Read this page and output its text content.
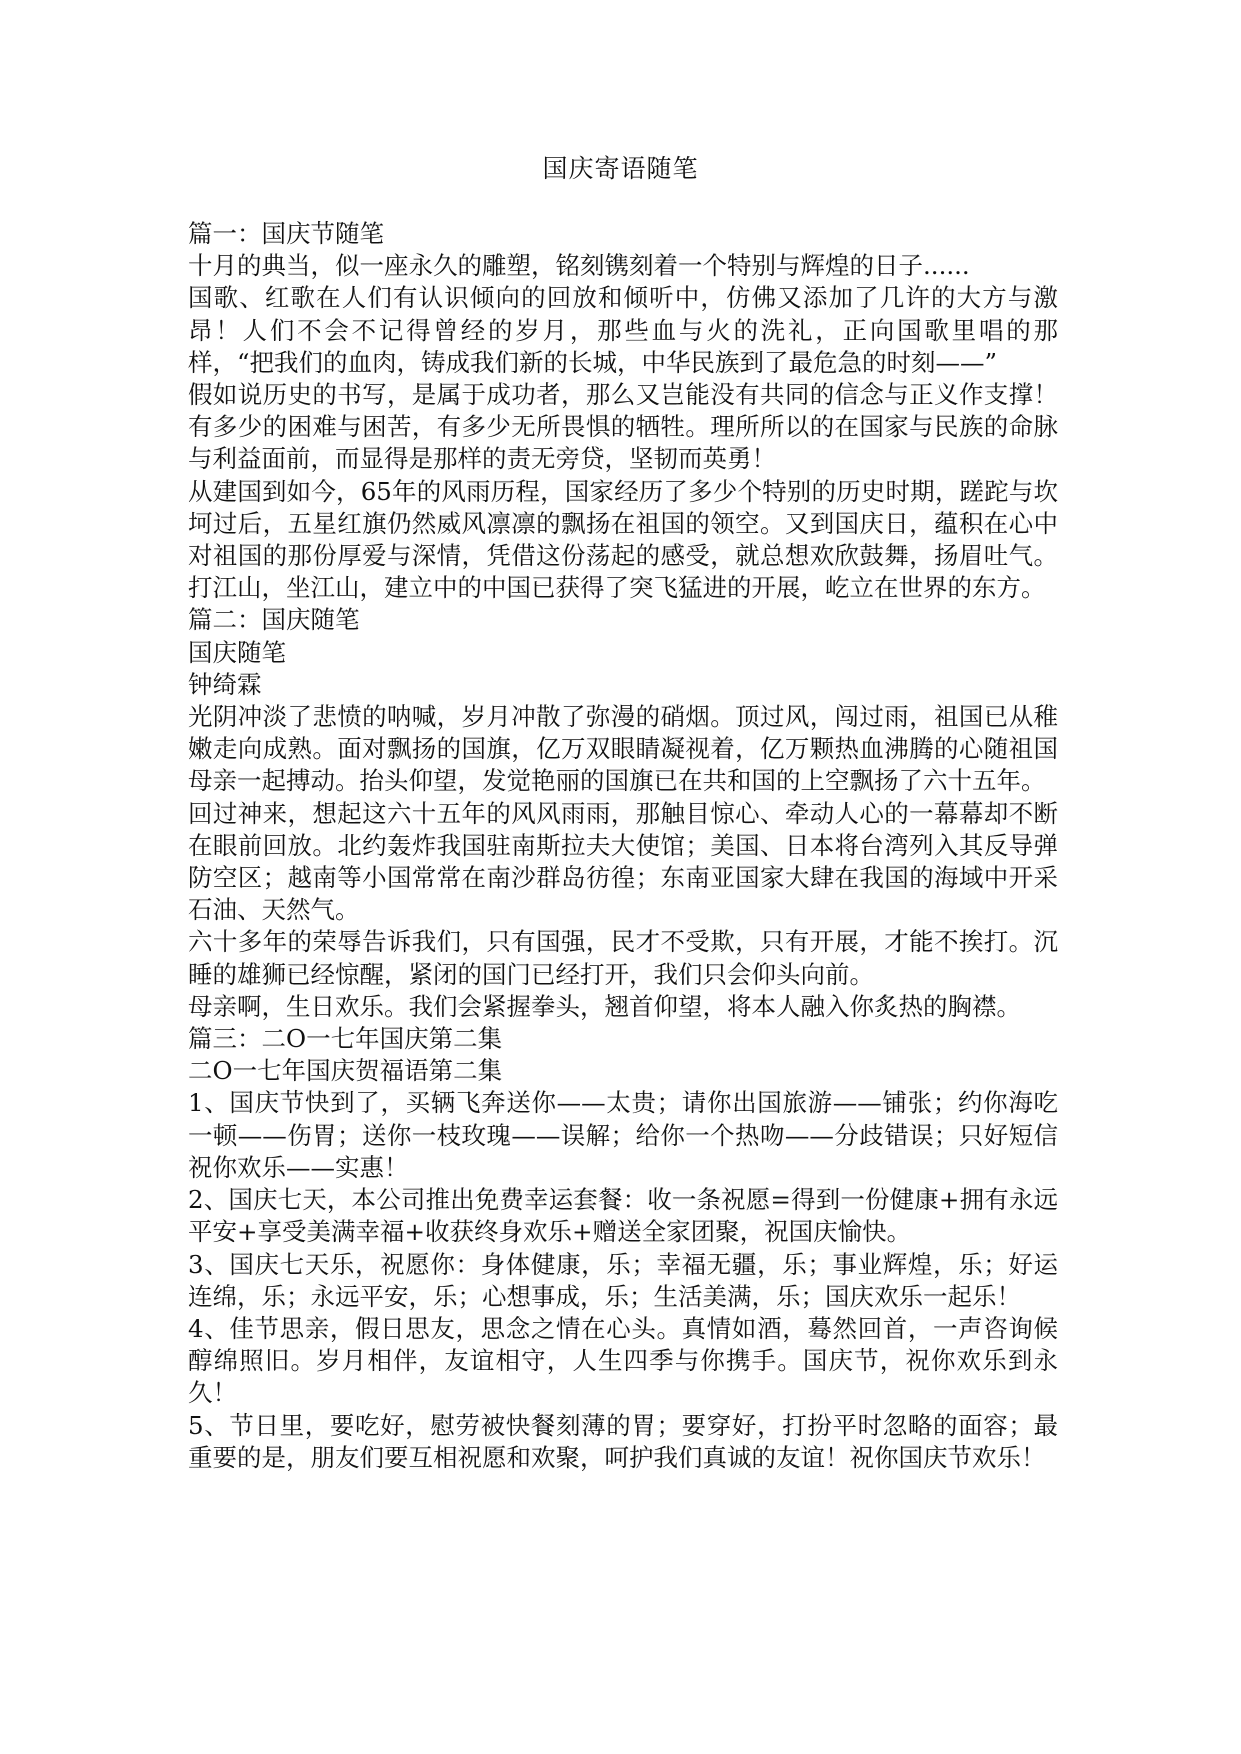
国庆寄语随笔

篇一：国庆节随笔

十月的典当，似一座永久的雕塑，铭刻镌刻着一个特别与辉煌的日子......

国歌、红歌在人们有认识倾向的回放和倾听中，仿佛又添加了几许的大方与激昂！人们不会不记得曾经的岁月，那些血与火的洗礼，正向国歌里唱的那样，“把我们的血肉，铸成我们新的长城，中华民族到了最危急的时刻——”

假如说历史的书写，是属于成功者，那么又岂能没有共同的信念与正义作支撑！有多少的困难与困苦，有多少无所畏惧的牺牲。理所所以的在国家与民族的命脉与利益面前，而显得是那样的责无旁贷，坚韧而英勇！

从建国到如今，65年的风雨历程，国家经历了多少个特别的历史时期，蹉跎与坎坷过后，五星红旗仍然威风凛凛的飘扬在祖国的领空。又到国庆日，蕴积在心中对祖国的那份厚爱与深情，凭借这份荡起的感受，就总想欢欣鼓舞，扬眉吐气。打江山，坐江山，建立中的中国已获得了突飞猛进的开展，屹立在世界的东方。

篇二：国庆随笔

国庆随笔

钟绮霖

光阴冲淡了悲愤的呐喊，岁月冲散了弥漫的硝烟。顶过风，闯过雨，祖国已从稚嫩走向成熟。面对飘扬的国旗，亿万双眼睛凝视着，亿万颗热血沸腾的心随祖国母亲一起搏动。抬头仰望，发觉艳丽的国旗已在共和国的上空飘扬了六十五年。

回过神来，想起这六十五年的风风雨雨，那触目惊心、牵动人心的一幕幕却不断在眼前回放。北约轰炸我国驻南斯拉夫大使馆；美国、日本将台湾列入其反导弹防空区；越南等小国常常在南沙群岛彷徨；东南亚国家大肆在我国的海域中开采石油、天然气。

六十多年的荣辱告诉我们，只有国强，民才不受欺，只有开展，才能不挨打。沉睡的雄狮已经惊醒，紧闭的国门已经打开，我们只会仰头向前。

母亲啊，生日欢乐。我们会紧握拳头，翘首仰望，将本人融入你炙热的胸襟。

篇三：二O一七年国庆第二集

二O一七年国庆贺福语第二集

1、国庆节快到了，买辆飞奔送你——太贵；请你出国旅游——铺张；约你海吃一顿——伤胃；送你一枝玫瑰——误解；给你一个热吻——分歧错误；只好短信祝你欢乐——实惠！

2、国庆七天，本公司推出免费幸运套餐：收一条祝愿=得到一份健康+拥有永远平安+享受美满幸福+收获终身欢乐+赠送全家团聚，祝国庆愉快。

3、国庆七天乐，祝愿你：身体健康，乐；幸福无疆，乐；事业辉煌，乐；好运连绵，乐；永远平安，乐；心想事成，乐；生活美满，乐；国庆欢乐一起乐！

4、佳节思亲，假日思友，思念之情在心头。真情如酒，蓦然回首，一声咨询候醇绵照旧。岁月相伴，友谊相守，人生四季与你携手。国庆节，祝你欢乐到永久！

5、节日里，要吃好，慰劳被快餐刻薄的胃；要穿好，打扮平时忽略的面容；最重要的是，朋友们要互相祝愿和欢聚，呵护我们真诚的友谊！祝你国庆节欢乐！
